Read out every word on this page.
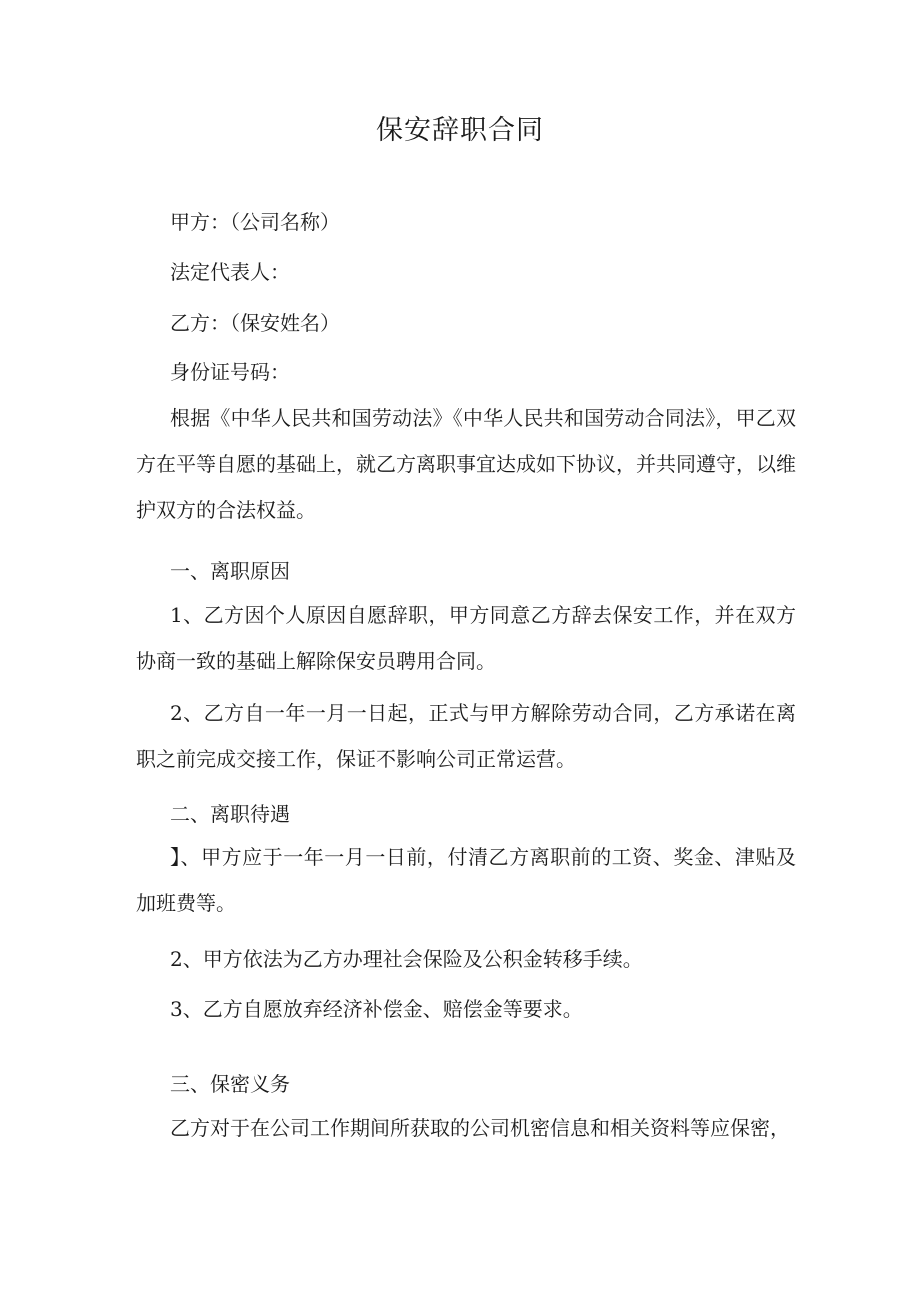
保安辞职合同
甲方：（公司名称）
法定代表人：
乙方：（保安姓名）
身份证号码：
根据《中华人民共和国劳动法》《中华人民共和国劳动合同法》，甲乙双方在平等自愿的基础上，就乙方离职事宜达成如下协议，并共同遵守，以维护双方的合法权益。
一、离职原因
1、乙方因个人原因自愿辞职，甲方同意乙方辞去保安工作，并在双方协商一致的基础上解除保安员聘用合同。
2、乙方自一年一月一日起，正式与甲方解除劳动合同，乙方承诺在离职之前完成交接工作，保证不影响公司正常运营。
二、离职待遇
】、甲方应于一年一月一日前，付清乙方离职前的工资、奖金、津贴及加班费等。
2、甲方依法为乙方办理社会保险及公积金转移手续。
3、乙方自愿放弃经济补偿金、赔偿金等要求。
三、保密义务
乙方对于在公司工作期间所获取的公司机密信息和相关资料等应保密，
